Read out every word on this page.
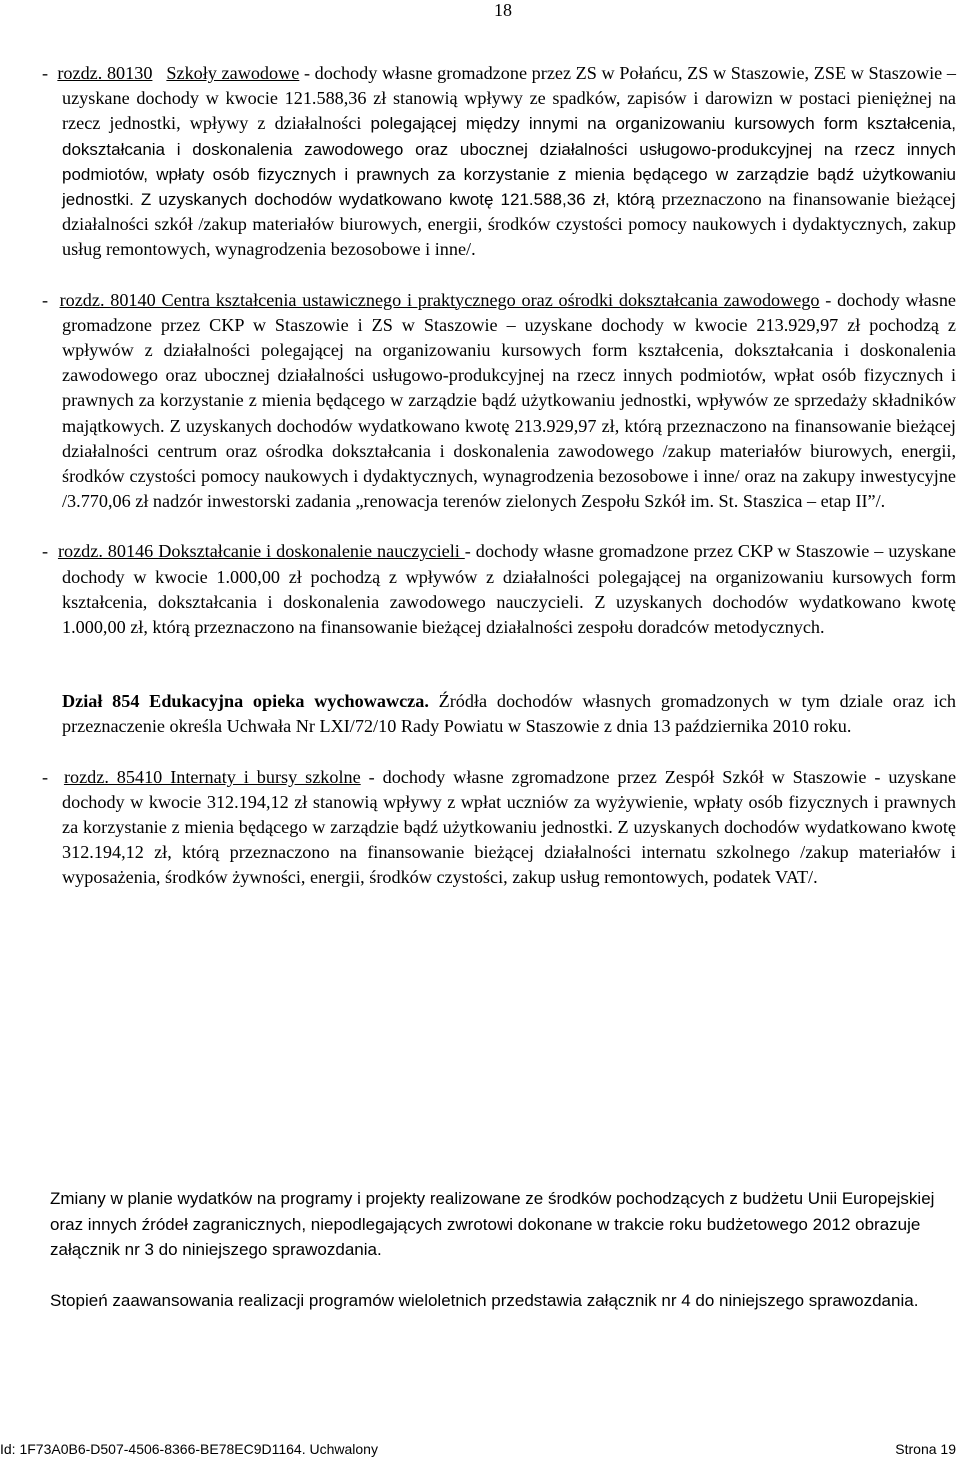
18

-  rozdz. 80130 Szkoły zawodowe - dochody własne gromadzone przez ZS w Połańcu, ZS w Staszowie, ZSE w Staszowie –uzyskane dochody w kwocie 121.588,36 zł stanowią wpływy ze spadków, zapisów i darowizn w postaci pieniężnej na rzecz jednostki, wpływy z działalności polegającej między innymi na organizowaniu kursowych form kształcenia, dokształcania i doskonalenia zawodowego oraz ubocznej działalności usługowo-produkcyjnej na rzecz innych podmiotów, wpłaty osób fizycznych i prawnych za korzystanie z mienia będącego w zarządzie bądź użytkowaniu jednostki. Z uzyskanych dochodów wydatkowano kwotę 121.588,36 zł, którą przeznaczono na finansowanie bieżącej działalności szkół /zakup materiałów biurowych, energii, środków czystości pomocy naukowych i dydaktycznych, zakup usług remontowych, wynagrodzenia bezosobowe i inne/.

-  rozdz. 80140 Centra kształcenia ustawicznego i praktycznego oraz ośrodki dokształcania zawodowego - dochody własne gromadzone przez CKP w Staszowie i ZS w Staszowie – uzyskane dochody w kwocie 213.929,97 zł pochodzą z wpływów z działalności polegającej na organizowaniu kursowych form kształcenia, dokształcania i doskonalenia zawodowego oraz ubocznej działalności usługowo-produkcyjnej na rzecz innych podmiotów, wpłat osób fizycznych i prawnych za korzystanie z mienia będącego w zarządzie bądź użytkowaniu jednostki, wpływów ze sprzedaży składników majątkowych. Z uzyskanych dochodów wydatkowano kwotę 213.929,97 zł, którą przeznaczono na finansowanie bieżącej działalności centrum oraz ośrodka dokształcania i doskonalenia zawodowego /zakup materiałów biurowych, energii, środków czystości pomocy naukowych i dydaktycznych, wynagrodzenia bezosobowe i inne/ oraz na zakupy inwestycyjne /3.770,06 zł nadzór inwestorski zadania „renowacja terenów zielonych Zespołu Szkół im. St. Staszica – etap II”/.

-  rozdz. 80146 Dokształcanie i doskonalenie nauczycieli - dochody własne gromadzone przez CKP w Staszowie – uzyskane dochody w kwocie 1.000,00 zł pochodzą z wpływów z działalności polegającej na organizowaniu kursowych form kształcenia, dokształcania i doskonalenia zawodowego nauczycieli. Z uzyskanych dochodów wydatkowano kwotę 1.000,00 zł, którą przeznaczono na finansowanie bieżącej działalności zespołu doradców metodycznych.

Dział 854 Edukacyjna opieka wychowawcza. Źródła dochodów własnych gromadzonych w tym dziale oraz ich przeznaczenie określa Uchwała Nr LXI/72/10 Rady Powiatu w Staszowie z dnia 13 października 2010 roku.

-  rozdz. 85410 Internaty i bursy szkolne - dochody własne zgromadzone przez Zespół Szkół w Staszowie - uzyskane dochody w kwocie 312.194,12 zł stanowią wpływy z wpłat uczniów za wyżywienie, wpłaty osób fizycznych i prawnych za korzystanie z mienia będącego w zarządzie bądź użytkowaniu jednostki. Z uzyskanych dochodów wydatkowano kwotę 312.194,12 zł, którą przeznaczono na finansowanie bieżącej działalności internatu szkolnego /zakup materiałów i wyposażenia, środków żywności, energii, środków czystości, zakup usług remontowych, podatek VAT/.

Zmiany w planie wydatków na programy i projekty realizowane ze środków pochodzących z budżetu Unii Europejskiej oraz innych źródeł zagranicznych, niepodlegających zwrotowi dokonane w trakcie roku budżetowego 2012 obrazuje załącznik nr 3 do niniejszego sprawozdania.

Stopień zaawansowania realizacji programów wieloletnich przedstawia załącznik nr 4 do niniejszego sprawozdania.

Id: 1F73A0B6-D507-4506-8366-BE78EC9D1164. Uchwalony	Strona 19
